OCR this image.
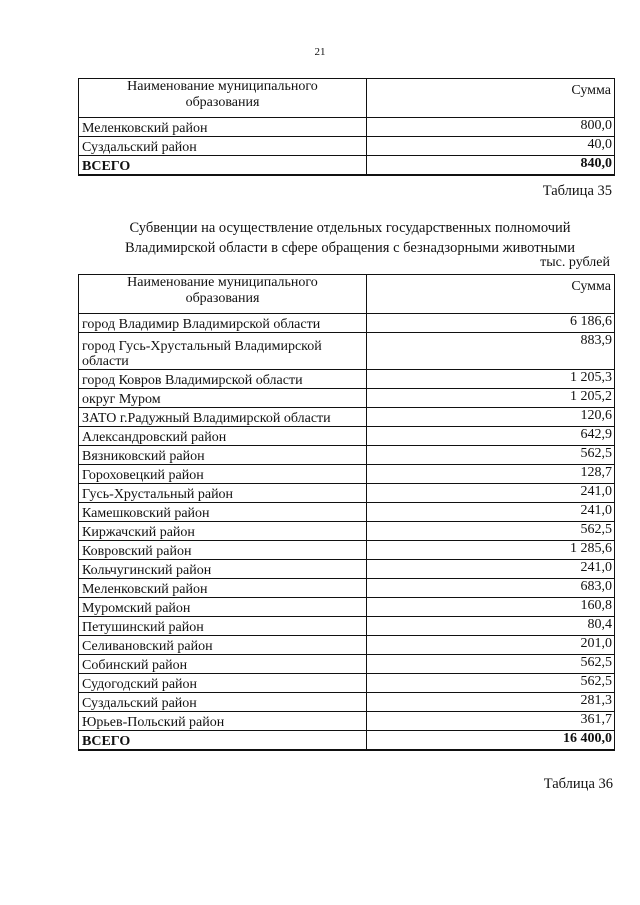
21
Наименование муниципального образования	Сумма
Меленковский район	800,0
Суздальский район	40,0
ВСЕГО	840,0
Таблица 35
Субвенции на осуществление отдельных государственных полномочий Владимирской области в сфере обращения с безнадзорными животными
тыс. рублей
Наименование муниципального образования	Сумма
город Владимир Владимирской области	6 186,6
город Гусь-Хрустальный Владимирской области	883,9
город Ковров Владимирской области	1 205,3
округ Муром	1 205,2
ЗАТО г.Радужный Владимирской области	120,6
Александровский район	642,9
Вязниковский район	562,5
Гороховецкий район	128,7
Гусь-Хрустальный район	241,0
Камешковский район	241,0
Киржачский район	562,5
Ковровский район	1 285,6
Кольчугинский район	241,0
Меленковский район	683,0
Муромский район	160,8
Петушинский район	80,4
Селивановский район	201,0
Собинский район	562,5
Судогодский район	562,5
Суздальский район	281,3
Юрьев-Польский район	361,7
ВСЕГО	16 400,0
Таблица 36
